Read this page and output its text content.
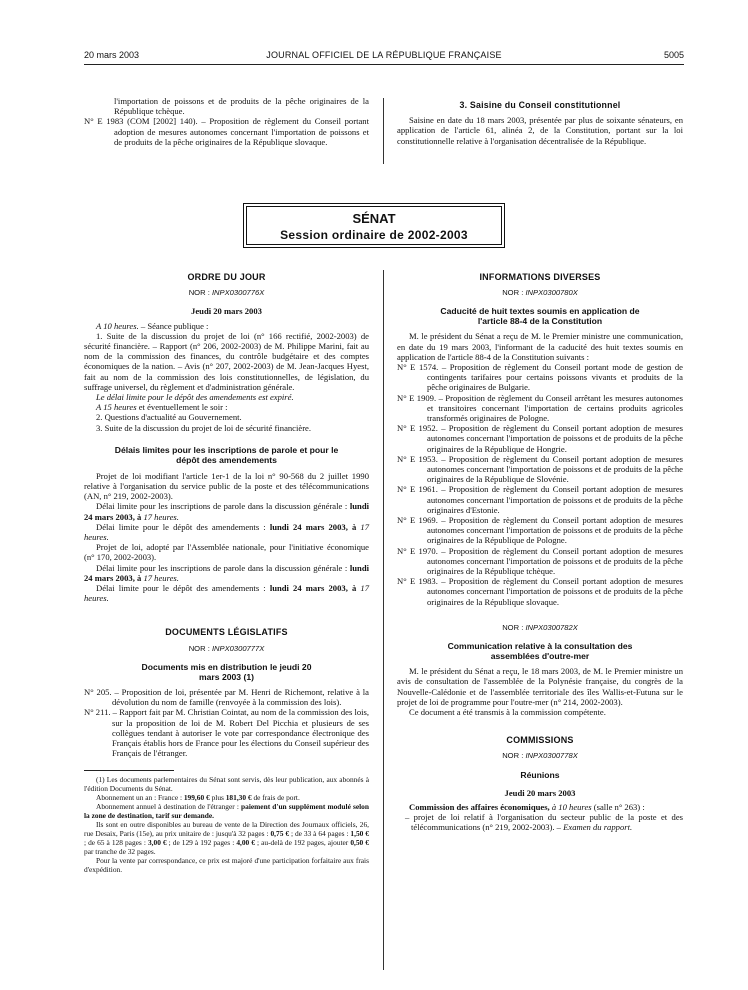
20 mars 2003	JOURNAL OFFICIEL DE LA RÉPUBLIQUE FRANÇAISE	5005

l'importation de poissons et de produits de la pêche originaires de la République tchèque.

N° E 1983 (COM [2002] 140). – Proposition de règlement du Conseil portant adoption de mesures autonomes concernant l'importation de poissons et de produits de la pêche originaires de la République slovaque.

3. Saisine du Conseil constitutionnel

Saisine en date du 18 mars 2003, présentée par plus de soixante sénateurs, en application de l'article 61, alinéa 2, de la Constitution, portant sur la loi constitutionnelle relative à l'organisation décentralisée de la République.

SÉNAT
Session ordinaire de 2002-2003

ORDRE DU JOUR

NOR : INPX0300776X

Jeudi 20 mars 2003

A 10 heures. – Séance publique :

1. Suite de la discussion du projet de loi (n° 166 rectifié, 2002-2003) de sécurité financière. – Rapport (n° 206, 2002-2003) de M. Philippe Marini, fait au nom de la commission des finances, du contrôle budgétaire et des comptes économiques de la nation. – Avis (n° 207, 2002-2003) de M. Jean-Jacques Hyest, fait au nom de la commission des lois constitutionnelles, de législation, du suffrage universel, du règlement et d'administration générale.

Le délai limite pour le dépôt des amendements est expiré.

A 15 heures et éventuellement le soir :

2. Questions d'actualité au Gouvernement.

3. Suite de la discussion du projet de loi de sécurité financière.

Délais limites pour les inscriptions de parole et pour le dépôt des amendements

Projet de loi modifiant l'article 1er-1 de la loi n° 90-568 du 2 juillet 1990 relative à l'organisation du service public de la poste et des télécommunications (AN, n° 219, 2002-2003).

Délai limite pour les inscriptions de parole dans la discussion générale : lundi 24 mars 2003, à 17 heures.

Délai limite pour le dépôt des amendements : lundi 24 mars 2003, à 17 heures.

Projet de loi, adopté par l'Assemblée nationale, pour l'initiative économique (n° 170, 2002-2003).

Délai limite pour les inscriptions de parole dans la discussion générale : lundi 24 mars 2003, à 17 heures.

Délai limite pour le dépôt des amendements : lundi 24 mars 2003, à 17 heures.

DOCUMENTS LÉGISLATIFS

NOR : INPX0300777X

Documents mis en distribution le jeudi 20 mars 2003 (1)

N° 205. – Proposition de loi, présentée par M. Henri de Richemont, relative à la dévolution du nom de famille (renvoyée à la commission des lois).

N° 211. – Rapport fait par M. Christian Cointat, au nom de la commission des lois, sur la proposition de loi de M. Robert Del Picchia et plusieurs de ses collègues tendant à autoriser le vote par correspondance électronique des Français établis hors de France pour les élections du Conseil supérieur des Français de l'étranger.

(1) Les documents parlementaires du Sénat sont servis, dès leur publication, aux abonnés à l'édition Documents du Sénat.

Abonnement un an : France : 199,60 € plus 181,30 € de frais de port.

Abonnement annuel à destination de l'étranger : paiement d'un supplément modulé selon la zone de destination, tarif sur demande.

Ils sont en outre disponibles au bureau de vente de la Direction des Journaux officiels, 26, rue Desaix, Paris (15e), au prix unitaire de : jusqu'à 32 pages : 0,75 € ; de 33 à 64 pages : 1,50 € ; de 65 à 128 pages : 3,00 € ; de 129 à 192 pages : 4,00 € ; au-delà de 192 pages, ajouter 0,50 € par tranche de 32 pages.

Pour la vente par correspondance, ce prix est majoré d'une participation forfaitaire aux frais d'expédition.

INFORMATIONS DIVERSES

NOR : INPX0300780X

Caducité de huit textes soumis en application de l'article 88-4 de la Constitution

M. le président du Sénat a reçu de M. le Premier ministre une communication, en date du 19 mars 2003, l'informant de la caducité des huit textes soumis en application de l'article 88-4 de la Constitution suivants :

N° E 1574. – Proposition de règlement du Conseil portant mode de gestion de contingents tarifaires pour certains poissons vivants et produits de la pêche originaires de Bulgarie.

N° E 1909. – Proposition de règlement du Conseil arrêtant les mesures autonomes et transitoires concernant l'importation de certains produits agricoles transformés originaires de Pologne.

N° E 1952. – Proposition de règlement du Conseil portant adoption de mesures autonomes concernant l'importation de poissons et de produits de la pêche originaires de la République de Hongrie.

N° E 1953. – Proposition de règlement du Conseil portant adoption de mesures autonomes concernant l'importation de poissons et de produits de la pêche originaires de la République de Slovénie.

N° E 1961. – Proposition de règlement du Conseil portant adoption de mesures autonomes concernant l'importation de poissons et de produits de la pêche originaires d'Estonie.

N° E 1969. – Proposition de règlement du Conseil portant adoption de mesures autonomes concernant l'importation de poissons et de produits de la pêche originaires de la République de Pologne.

N° E 1970. – Proposition de règlement du Conseil portant adoption de mesures autonomes concernant l'importation de poissons et de produits de la pêche originaires de la République tchèque.

N° E 1983. – Proposition de règlement du Conseil portant adoption de mesures autonomes concernant l'importation de poissons et de produits de la pêche originaires de la République slovaque.

NOR : INPX0300782X

Communication relative à la consultation des assemblées d'outre-mer

M. le président du Sénat a reçu, le 18 mars 2003, de M. le Premier ministre un avis de consultation de l'assemblée de la Polynésie française, du congrès de la Nouvelle-Calédonie et de l'assemblée territoriale des îles Wallis-et-Futuna sur le projet de loi de programme pour l'outre-mer (n° 214, 2002-2003).

Ce document a été transmis à la commission compétente.

COMMISSIONS

NOR : INPX0300778X

Réunions

Jeudi 20 mars 2003

Commission des affaires économiques, à 10 heures (salle n° 263) :

– projet de loi relatif à l'organisation du secteur public de la poste et des télécommunications (n° 219, 2002-2003). – Examen du rapport.
